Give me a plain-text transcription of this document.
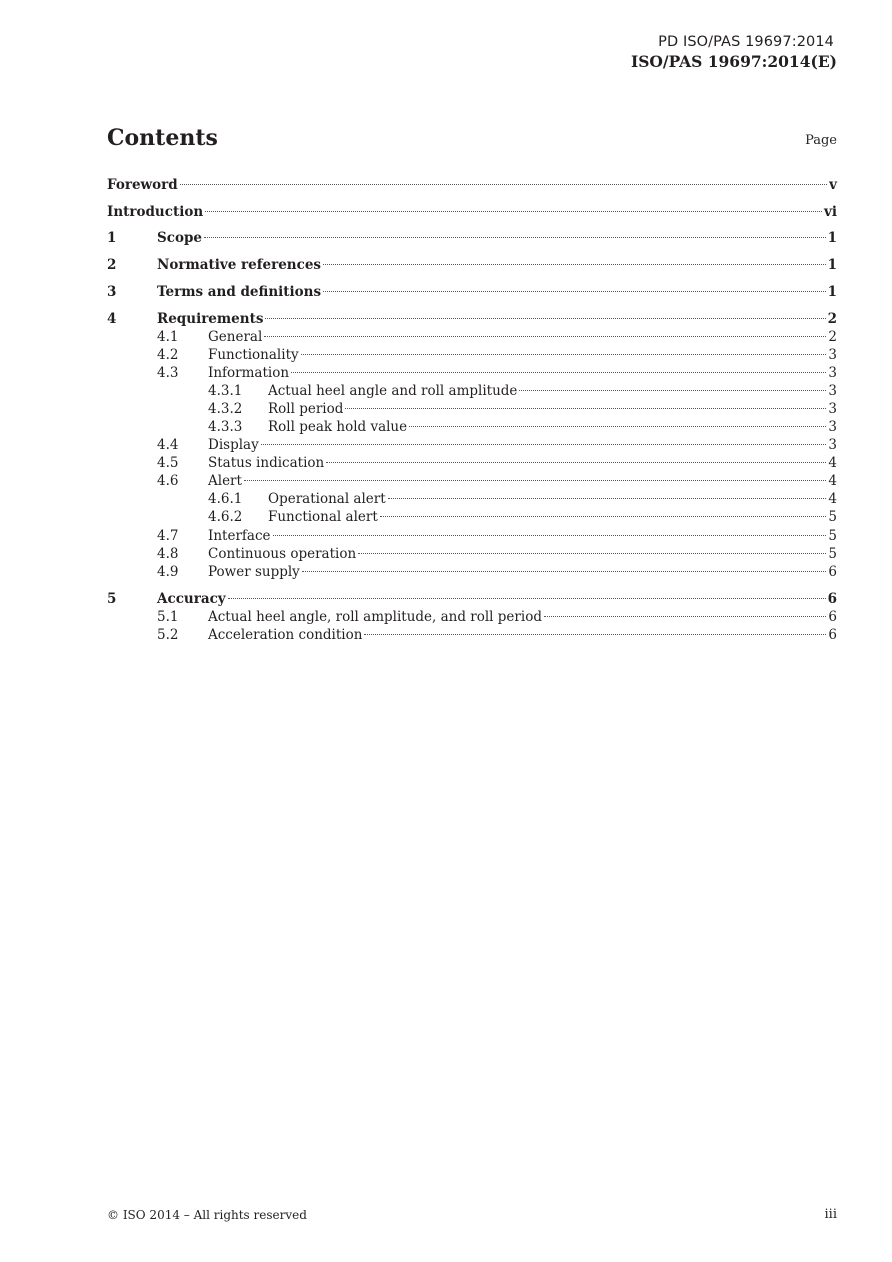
PD ISO/PAS 19697:2014
ISO/PAS 19697:2014(E)
Contents	Page
Foreword	v
Introduction	vi
1	Scope	1
2	Normative references	1
3	Terms and definitions	1
4	Requirements	2
4.1 General	2
4.2 Functionality	3
4.3 Information	3
4.3.1 Actual heel angle and roll amplitude	3
4.3.2 Roll period	3
4.3.3 Roll peak hold value	3
4.4 Display	3
4.5 Status indication	4
4.6 Alert	4
4.6.1 Operational alert	4
4.6.2 Functional alert	5
4.7 Interface	5
4.8 Continuous operation	5
4.9 Power supply	6
5	Accuracy	6
5.1 Actual heel angle, roll amplitude, and roll period	6
5.2 Acceleration condition	6
© ISO 2014 – All rights reserved	iii
